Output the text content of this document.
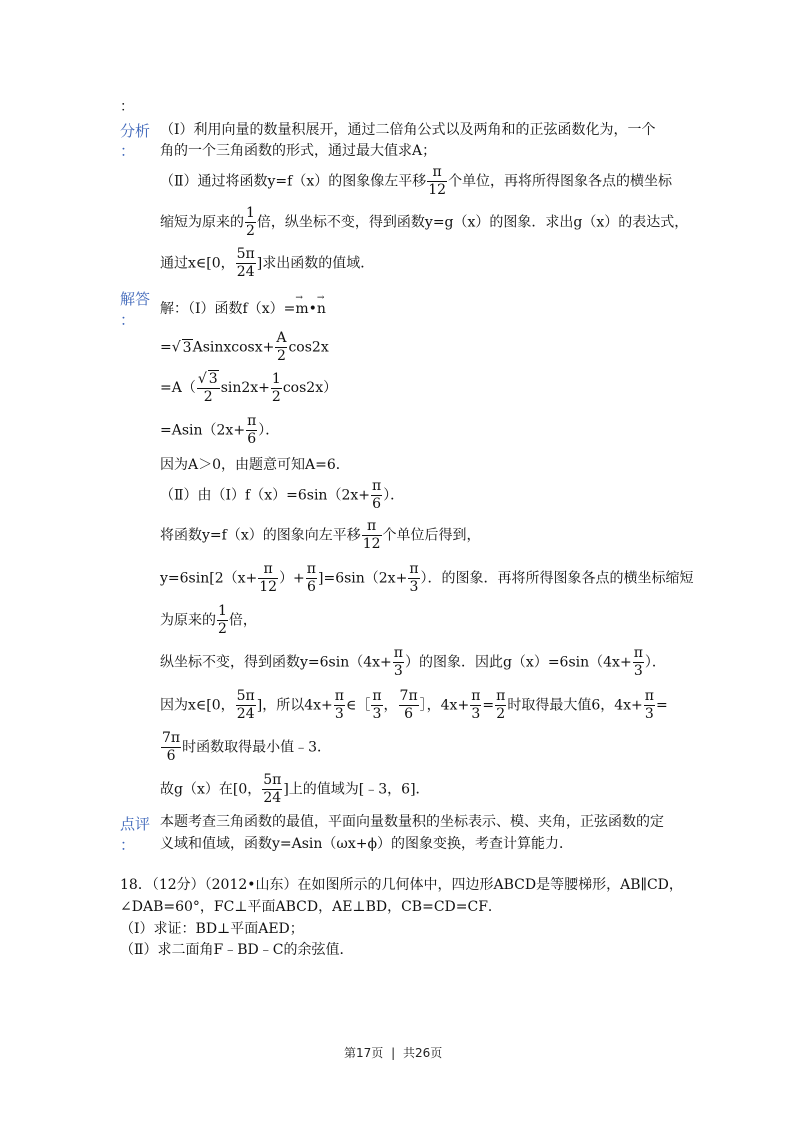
：
分析
：
（Ⅰ）利用向量的数量积展开，通过二倍角公式以及两角和的正弦函数化为，一个
角的一个三角函数的形式，通过最大值求A；
（Ⅱ）通过将函数y=f（x）的图象像左平移 $\frac{\pi}{12}$ 个单位，再将所得图象各点的横坐标
缩短为原来的 $\frac{1}{2}$ 倍，纵坐标不变，得到函数y=g（x）的图象．求出g（x）的表达式，
通过x∈[0， $\frac{5\pi}{24}$ ]求出函数的值域．
解答
：
解：（Ⅰ）函数f（x）=→ m•→ n
=√ 3Asinxcosx+ $\frac{A}{2} \cos 2x$
$=A( \frac{√ 3}{2} \sin 2x+ \frac{1}{2} \cos 2x)$
$=Asin(2x+ \frac{\pi}{6}$ ）．
因为A＞0，由题意可知A=6．
（Ⅱ）由（Ⅰ）f（x）=6sin（2x+ $\frac{\pi}{6}$ ）．
将函数y=f（x）的图象向左平移 $\frac{\pi}{12}$ 个单位后得到，
$y=6\sin[2(x+ \frac{\pi}{12}$ ）+ $\frac{\pi}{6} ]=6\sin(2x+ \frac{\pi}{3}$ ）．的图象．再将所得图象各点的横坐标缩短
为原来的 $\frac{1}{2}$ 倍，
纵坐标不变，得到函数$y=6\sin(4x+ \frac{\pi}{3}$ ）的图象．因此$g(x)=6\sin(4x+ \frac{\pi}{3}$ ）．
因为x∈[0， $\frac{5\pi}{24}$ ]，所以$4x+ \frac{\pi}{3}$ ∈［ $\frac{\pi}{3}$ ， $\frac{7\pi}{6}$ ］，$4x+ \frac{\pi}{3} = \frac{\pi}{2}$ 时取得最大值6，$4x+ \frac{\pi}{3}$ =
$\frac{7\pi}{6}$ 时函数取得最小值﹣3．
故g（x）在[0， $\frac{5\pi}{24}$ ]上的值域为[﹣3，6]．
点评
：
本题考查三角函数的最值，平面向量数量积的坐标表示、模、夹角，正弦函数的定
义域和值域，函数y=Asin（ωx+ϕ）的图象变换，考查计算能力．
18．（12分）（2012•山东）在如图所示的几何体中，四边形ABCD是等腰梯形，AB∥CD，
∠DAB=60°，FC⊥平面ABCD，AE⊥BD，CB=CD=CF．
（Ⅰ）求证：BD⊥平面AED；
（Ⅱ）求二面角F﹣BD﹣C的余弦值．
第17页 | 共26页
